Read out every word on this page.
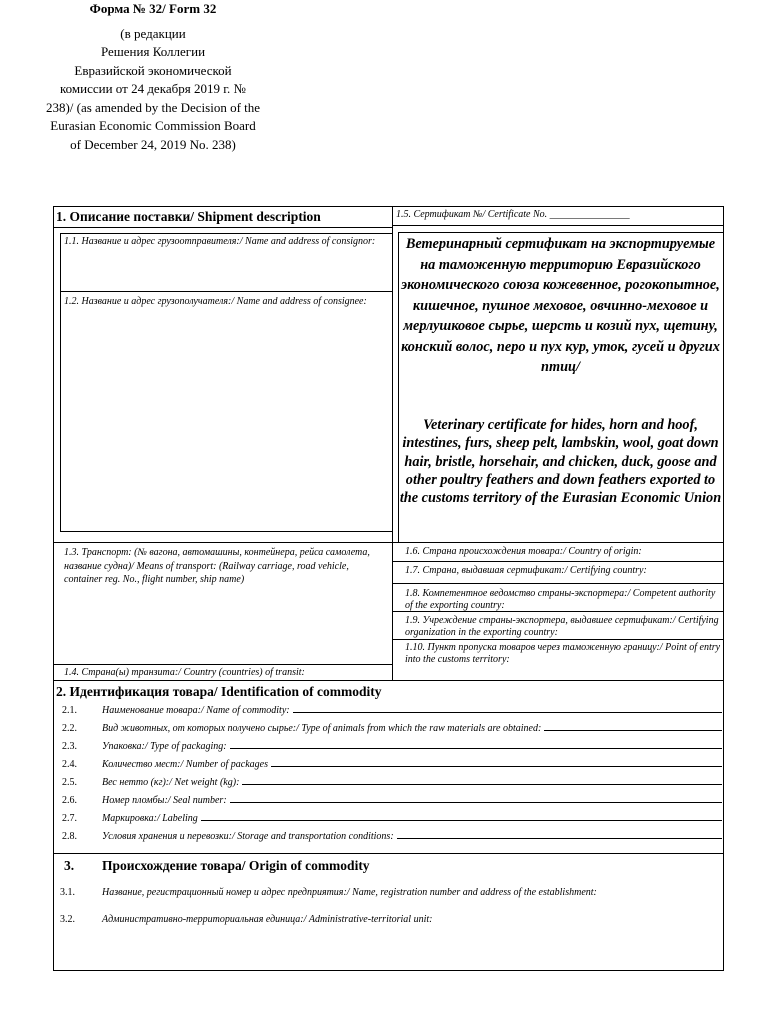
Форма № 32/ Form 32
(в редакции
Решения Коллегии
Евразийской экономической
комиссии от 24 декабря 2019 г. №
238)/ (as amended by the Decision of the
Eurasian Economic Commission Board
of December 24, 2019 No. 238)
1. Описание поставки/ Shipment description	1.5. Сертификат №/ Certificate No. ________________
1.1. Название и адрес грузоотправителя:/ Name and address of consignor:
1.2. Название и адрес грузополучателя:/ Name and address of consignee:
Ветеринарный сертификат на экспортируемые на таможенную территорию Евразийского экономического союза кожевенное, рогокопытное, кишечное, пушное меховое, овчинно-меховое и мерлушковое сырье, шерсть и козий пух, щетину, конский волос, перо и пух кур, уток, гусей и других птиц/
Veterinary certificate for hides, horn and hoof, intestines, furs, sheep pelt, lambskin, wool, goat down hair, bristle, horsehair, and chicken, duck, goose and other poultry feathers and down feathers exported to the customs territory of the Eurasian Economic Union
1.3. Транспорт: (№ вагона, автомашины, контейнера, рейса самолета, название судна)/ Means of transport: (Railway carriage, road vehicle, container reg. No., flight number, ship name)
1.4. Страна(ы) транзита:/ Country (countries) of transit:
1.6. Страна происхождения товара:/ Country of origin:
1.7. Страна, выдавшая сертификат:/ Certifying country:
1.8. Компетентное ведомство страны-экспортера:/ Competent authority of the exporting country:
1.9. Учреждение страны-экспортера, выдавшее сертификат:/ Certifying organization in the exporting country:
1.10. Пункт пропуска товаров через таможенную границу:/ Point of entry into the customs territory:
2. Идентификация товара/ Identification of commodity
2.1.	Наименование товара:/ Name of commodity:
2.2.	Вид животных, от которых получено сырье:/ Type of animals from which the raw materials are obtained:
2.3.	Упаковка:/ Type of packaging:
2.4.	Количество мест:/ Number of packages
2.5.	Вес нетто (кг):/ Net weight (kg):
2.6.	Номер пломбы:/ Seal number:
2.7.	Маркировка:/ Labeling
2.8.	Условия хранения и перевозки:/ Storage and transportation conditions:
3. Происхождение товара/ Origin of commodity
3.1.	Название, регистрационный номер и адрес предприятия:/ Name, registration number and address of the establishment:
3.2.	Административно-территориальная единица:/ Administrative-territorial unit:
